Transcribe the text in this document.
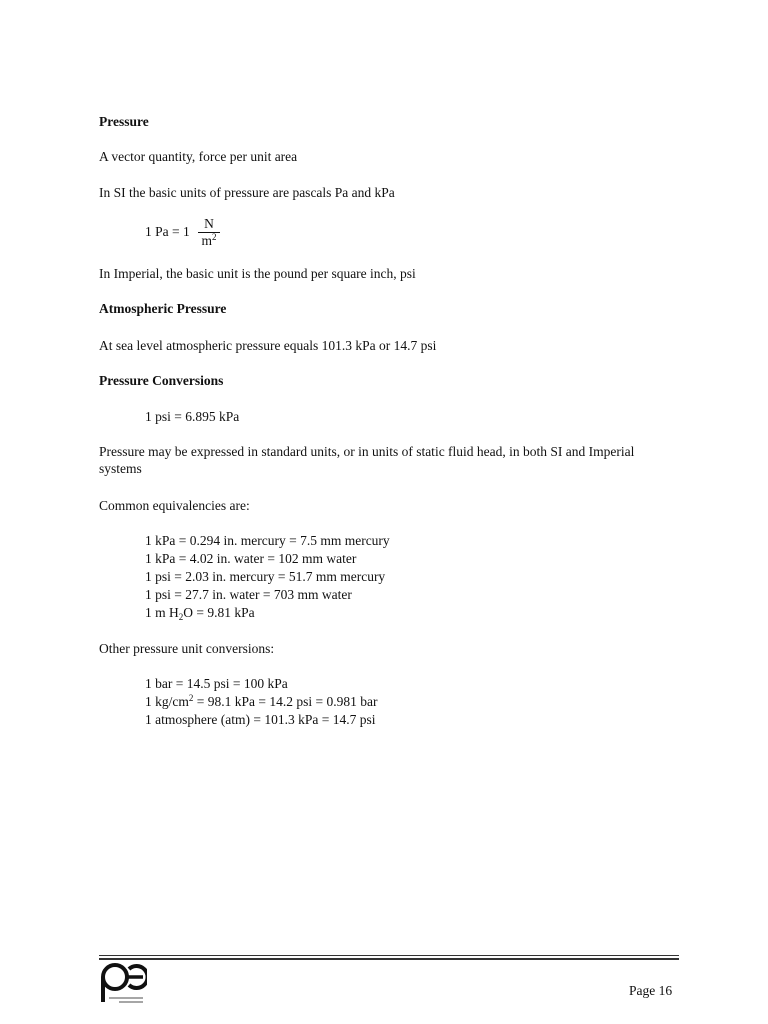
Pressure

A vector quantity, force per unit area

In SI the basic units of pressure are pascals Pa and kPa

1 $Pa = 1 \frac{N}{m^2}$

In Imperial, the basic unit is the pound per square inch, psi

Atmospheric Pressure

At sea level atmospheric pressure equals 101.3 kPa or 14.7 psi

Pressure Conversions

1 psi = 6.895 kPa

Pressure may be expressed in standard units, or in units of static fluid head, in both SI and Imperial systems

Common equivalencies are:

1 kPa = 0.294 in. mercury = 7.5 mm mercury

1 kPa = 4.02 in. water = 102 mm water

1 psi = 2.03 in. mercury = 51.7 mm mercury

1 psi = 27.7 in. water = 703 mm water

1 m $H_2O = 9.81$ kPa

Other pressure unit conversions:

1 bar = 14.5 psi = 100 kPa

1 $kg/cm^2 = 98.1$ kPa = 14.2 psi = 0.981 bar

1 atmosphere (atm) = 101.3 kPa = 14.7 psi

Page 16
